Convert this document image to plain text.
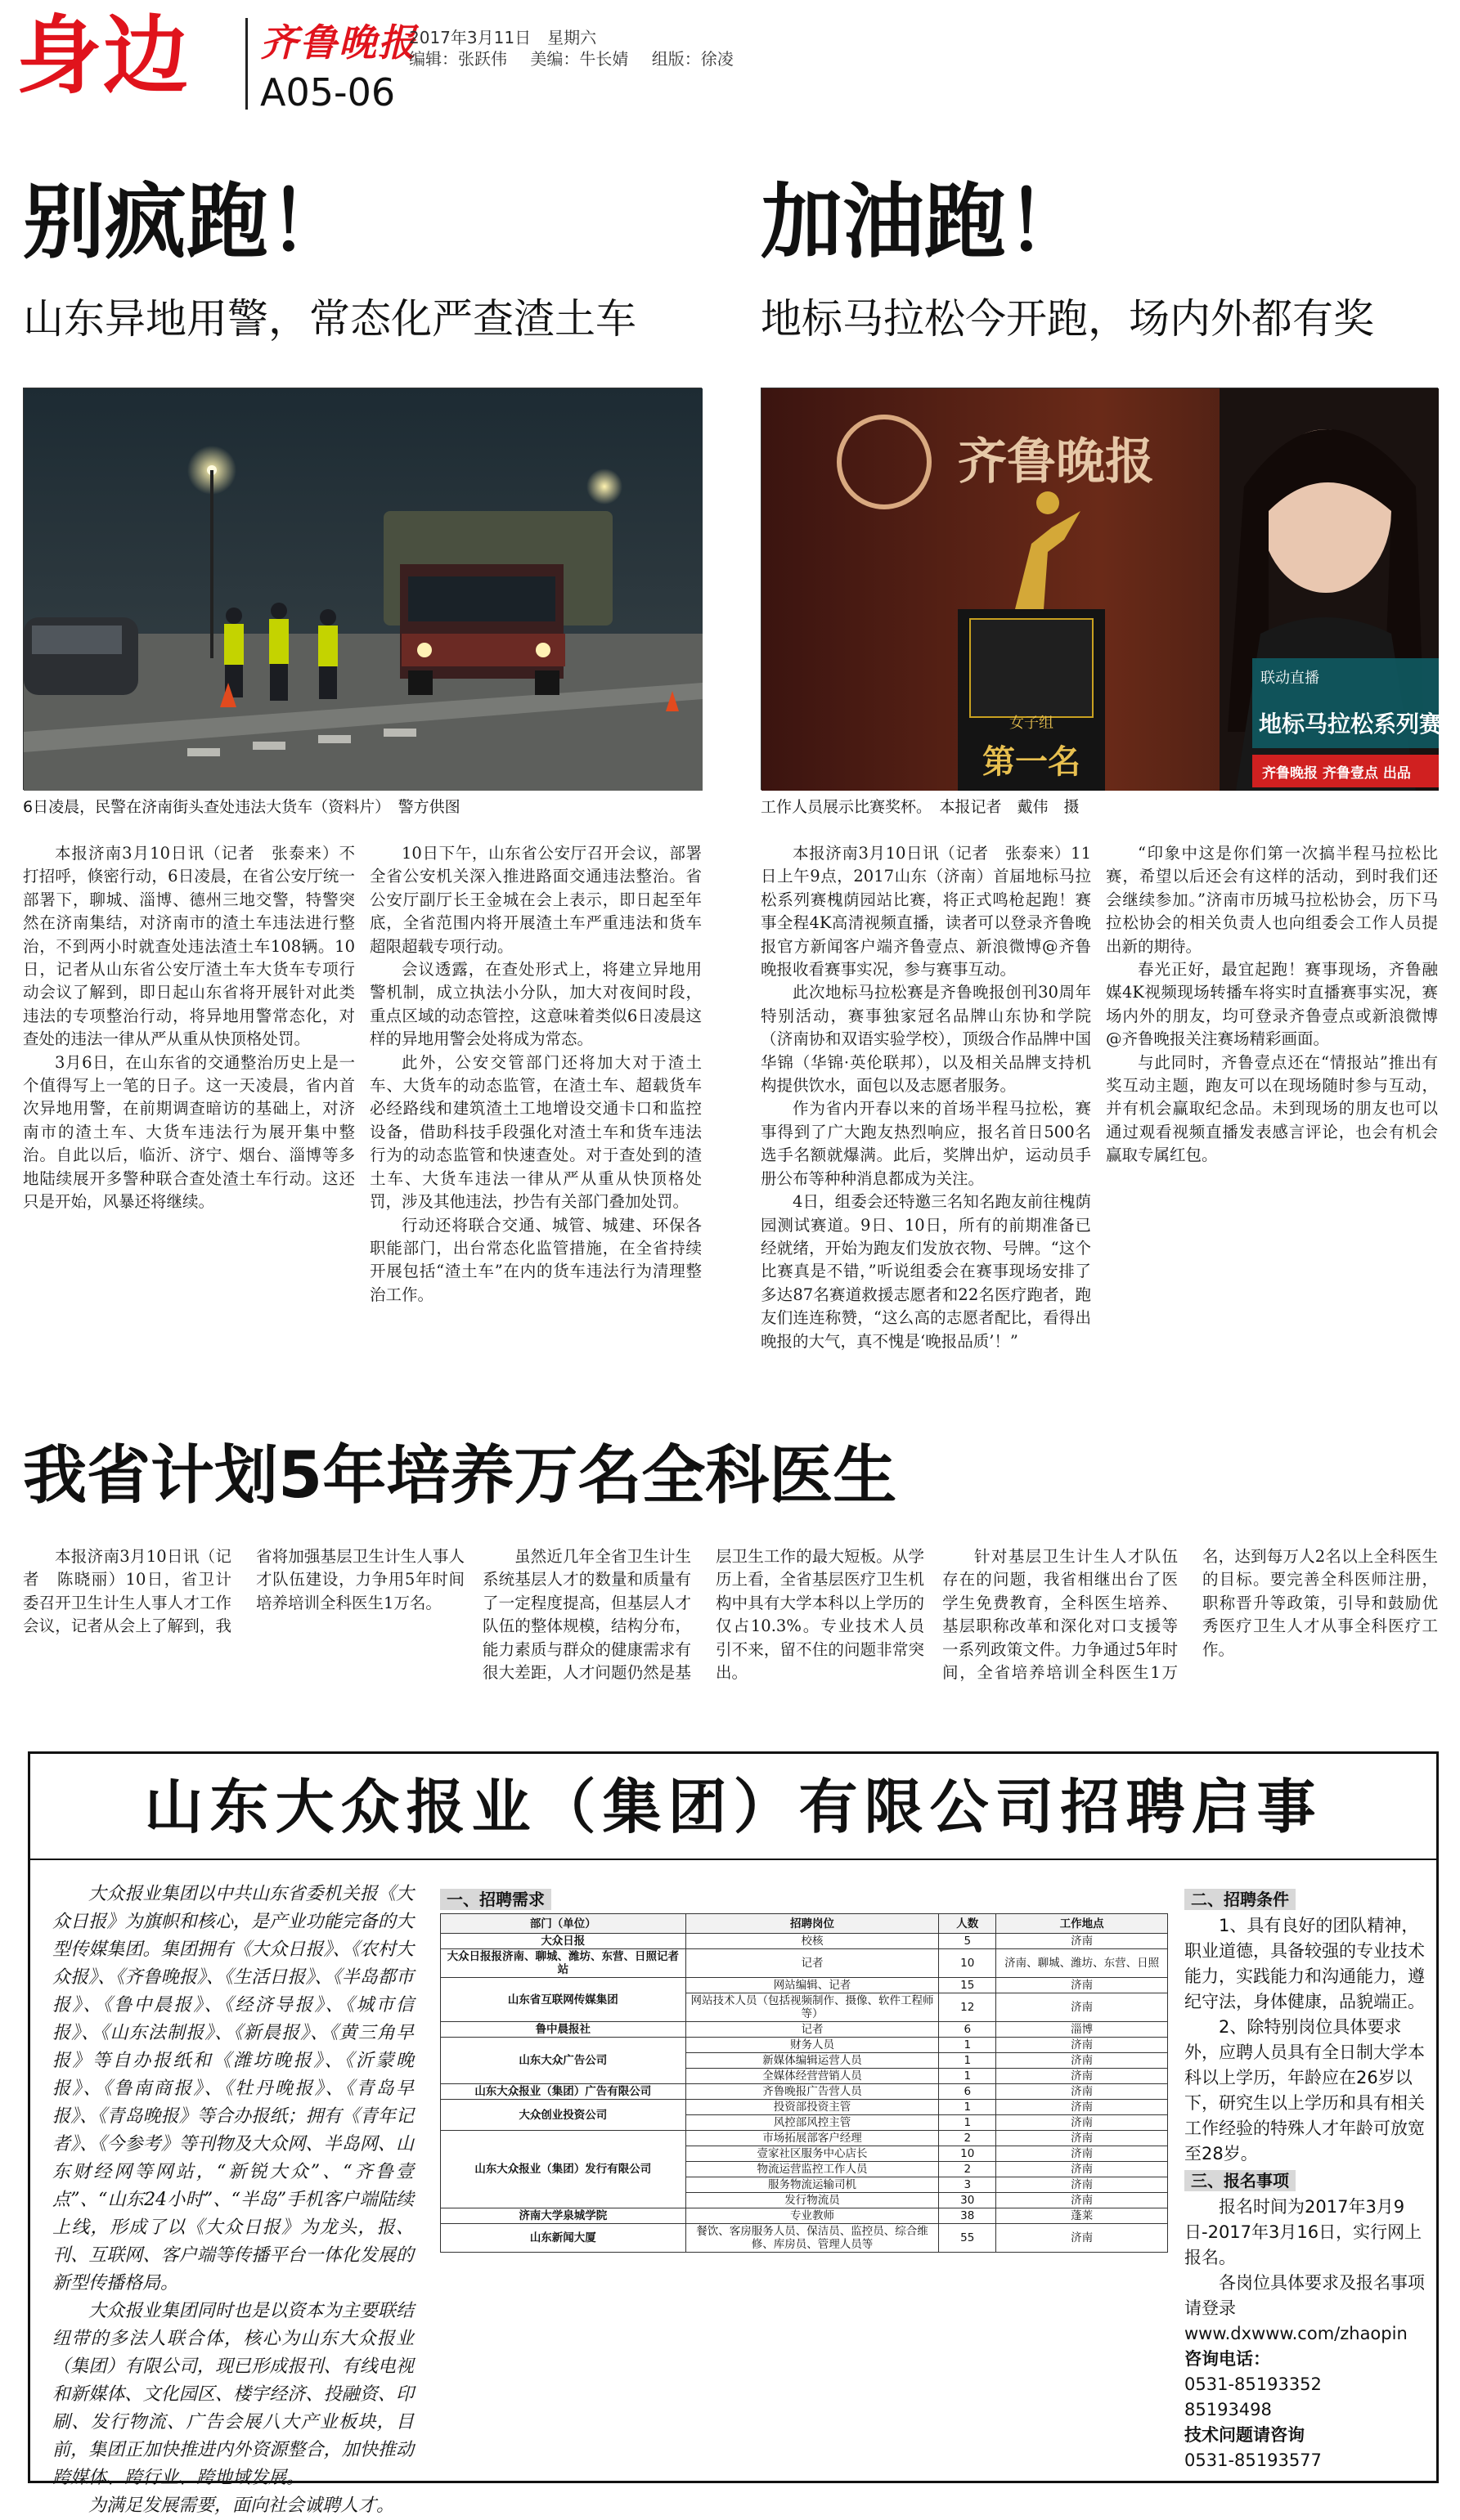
身边 齐鲁晚报
A05-06
2017年3月11日　星期六
编辑：张跃伟 美编：牛长婧 组版：徐凌
别疯跑！
山东异地用警，常态化严查渣土车
6日凌晨，民警在济南街头查处违法大货车（资料片）　警方供图

本报济南3月10日讯（记者　张泰来）不打招呼，倏密行动，6日凌晨，在省公安厅统一部署下，聊城、淄博、德州三地交警，特警突然在济南集结，对济南市的渣土车违法进行整治，不到两小时就查处违法渣土车108辆。10日，记者从山东省公安厅渣土车大货车专项行动会议了解到，即日起山东省将开展针对此类违法的专项整治行动，将异地用警常态化，对查处的违法一律从严从重从快顶格处罚。

3月6日，在山东省的交通整治历史上是一个值得写上一笔的日子。这一天凌晨，省内首次异地用警，在前期调查暗访的基础上，对济南市的渣土车、大货车违法行为展开集中整治。自此以后，临沂、济宁、烟台、淄博等多地陆续展开多警种联合查处渣土车行动。这还只是开始，风暴还将继续。

10日下午，山东省公安厅召开会议，部署全省公安机关深入推进路面交通违法整治。省公安厅副厅长王金城在会上表示，即日起至年底，全省范围内将开展渣土车严重违法和货车超限超载专项行动。

会议透露，在查处形式上，将建立异地用警机制，成立执法小分队，加大对夜间时段，重点区域的动态管控，这意味着类似6日凌晨这样的异地用警会处将成为常态。

此外，公安交管部门还将加大对于渣土车、大货车的动态监管，在渣土车、超载货车必经路线和建筑渣土工地增设交通卡口和监控设备，借助科技手段强化对渣土车和货车违法行为的动态监管和快速查处。对于查处到的渣土车、大货车违法一律从严从重从快顶格处罚，涉及其他违法，抄告有关部门叠加处罚。

行动还将联合交通、城管、城建、环保各职能部门，出台常态化监管措施，在全省持续开展包括“渣土车”在内的货车违法行为清理整治工作。

加油跑！
地标马拉松今开跑，场内外都有奖
齐鲁晚报
女子组
第一名
联动直播
地标马拉松系列赛
齐鲁晚报 齐鲁壹点 出品
工作人员展示比赛奖杯。　本报记者　戴伟　摄

本报济南3月10日讯（记者　张泰来）11日上午9点，2017山东（济南）首届地标马拉松系列赛槐荫园站比赛，将正式鸣枪起跑！赛事全程4K高清视频直播，读者可以登录齐鲁晚报官方新闻客户端齐鲁壹点、新浪微博@齐鲁晚报收看赛事实况，参与赛事互动。

此次地标马拉松赛是齐鲁晚报创刊30周年特别活动，赛事独家冠名品牌山东协和学院（济南协和双语实验学校），顶级合作品牌中国华锦（华锦·英伦联邦），以及相关品牌支持机构提供饮水，面包以及志愿者服务。

作为省内开春以来的首场半程马拉松，赛事得到了广大跑友热烈响应，报名首日500名选手名额就爆满。此后，奖牌出炉，运动员手册公布等种种消息都成为关注。

4日，组委会还特邀三名知名跑友前往槐荫园测试赛道。9日、10日，所有的前期准备已经就绪，开始为跑友们发放衣物、号牌。“这个比赛真是不错，”听说组委会在赛事现场安排了多达87名赛道救援志愿者和22名医疗跑者，跑友们连连称赞，“这么高的志愿者配比，看得出晚报的大气，真不愧是‘晚报品质’！”

“印象中这是你们第一次搞半程马拉松比赛，希望以后还会有这样的活动，到时我们还会继续参加。”济南市历城马拉松协会，历下马拉松协会的相关负责人也向组委会工作人员提出新的期待。

春光正好，最宜起跑！赛事现场，齐鲁融媒4K视频现场转播车将实时直播赛事实况，赛场内外的朋友，均可登录齐鲁壹点或新浪微博@齐鲁晚报关注赛场精彩画面。

与此同时，齐鲁壹点还在“情报站”推出有奖互动主题，跑友可以在现场随时参与互动，并有机会赢取纪念品。未到现场的朋友也可以通过观看视频直播发表感言评论，也会有机会赢取专属红包。

我省计划5年培养万名全科医生

本报济南3月10日讯（记者　陈晓丽）10日，省卫计委召开卫生计生人事人才工作会议，记者从会上了解到，我省将加强基层卫生计生人事人才队伍建设，力争用5年时间培养培训全科医生1万名。

虽然近几年全省卫生计生系统基层人才的数量和质量有了一定程度提高，但基层人才队伍的整体规模，结构分布，能力素质与群众的健康需求有很大差距，人才问题仍然是基层卫生工作的最大短板。从学历上看，全省基层医疗卫生机构中具有大学本科以上学历的仅占10.3%。专业技术人员引不来，留不住的问题非常突出。

针对基层卫生计生人才队伍存在的问题，我省相继出台了医学生免费教育，全科医生培养、基层职称改革和深化对口支援等一系列政策文件。力争通过5年时间，全省培养培训全科医生1万名，达到每万人2名以上全科医生的目标。要完善全科医师注册，职称晋升等政策，引导和鼓励优秀医疗卫生人才从事全科医疗工作。

山东大众报业（集团）有限公司招聘启事

大众报业集团以中共山东省委机关报《大众日报》为旗帜和核心，是产业功能完备的大型传媒集团。集团拥有《大众日报》、《农村大众报》、《齐鲁晚报》、《生活日报》、《半岛都市报》、《鲁中晨报》、《经济导报》、《城市信报》、《山东法制报》、《新晨报》、《黄三角早报》等自办报纸和《潍坊晚报》、《沂蒙晚报》、《鲁南商报》、《牡丹晚报》、《青岛早报》、《青岛晚报》等合办报纸；拥有《青年记者》、《今参考》等刊物及大众网、半岛网、山东财经网等网站，“新锐大众”、“齐鲁壹点”、“山东24小时”、“半岛”手机客户端陆续上线，形成了以《大众日报》为龙头，报、刊、互联网、客户端等传播平台一体化发展的新型传播格局。

大众报业集团同时也是以资本为主要联结纽带的多法人联合体，核心为山东大众报业（集团）有限公司，现已形成报刊、有线电视和新媒体、文化园区、楼宇经济、投融资、印刷、发行物流、广告会展八大产业板块，目前，集团正加快推进内外资源整合，加快推动跨媒体、跨行业、跨地域发展。

为满足发展需要，面向社会诚聘人才。

一、招聘需求
部门（单位）	招聘岗位	人数	工作地点
大众日报	校核	5	济南
大众日报报济南、聊城、潍坊、东营、日照记者站	记者	10	济南、聊城、潍坊、东营、日照
山东省互联网传媒集团	网站编辑、记者	15	济南
	网站技术人员（包括视频制作、摄像、软件工程师等）	12	济南
鲁中晨报社	记者	6	淄博
山东大众广告公司	财务人员	1	济南
	新媒体编辑运营人员	1	济南
	全媒体经营营销人员	1	济南
山东大众报业（集团）广告有限公司	齐鲁晚报广告营人员	6	济南
大众创业投资公司	投资部投资主管	1	济南
	风控部风控主管	1	济南
山东大众报业（集团）发行有限公司	市场拓展部客户经理	2	济南
	壹家社区服务中心店长	10	济南
	物流运营监控工作人员	2	济南
	服务物流运输司机	3	济南
	发行物流员	30	济南
济南大学泉城学院	专业教师	38	蓬莱
山东新闻大厦	餐饮、客房服务人员、保洁员、监控员、综合维修、库房员、管理人员等	55	济南
二、招聘条件

1、具有良好的团队精神，职业道德，具备较强的专业技术能力，实践能力和沟通能力，遵纪守法，身体健康，品貌端正。

2、除特别岗位具体要求外，应聘人员具有全日制大学本科以上学历，年龄应在26岁以下，研究生以上学历和具有相关工作经验的特殊人才年龄可放宽至28岁。

三、报名事项

报名时间为2017年3月9日-2017年3月16日，实行网上报名。

各岗位具体要求及报名事项请登录www.dxwww.com/zhaopin

咨询电话：

0531-85193352　85193498

技术问题请咨询

0531-85193577
